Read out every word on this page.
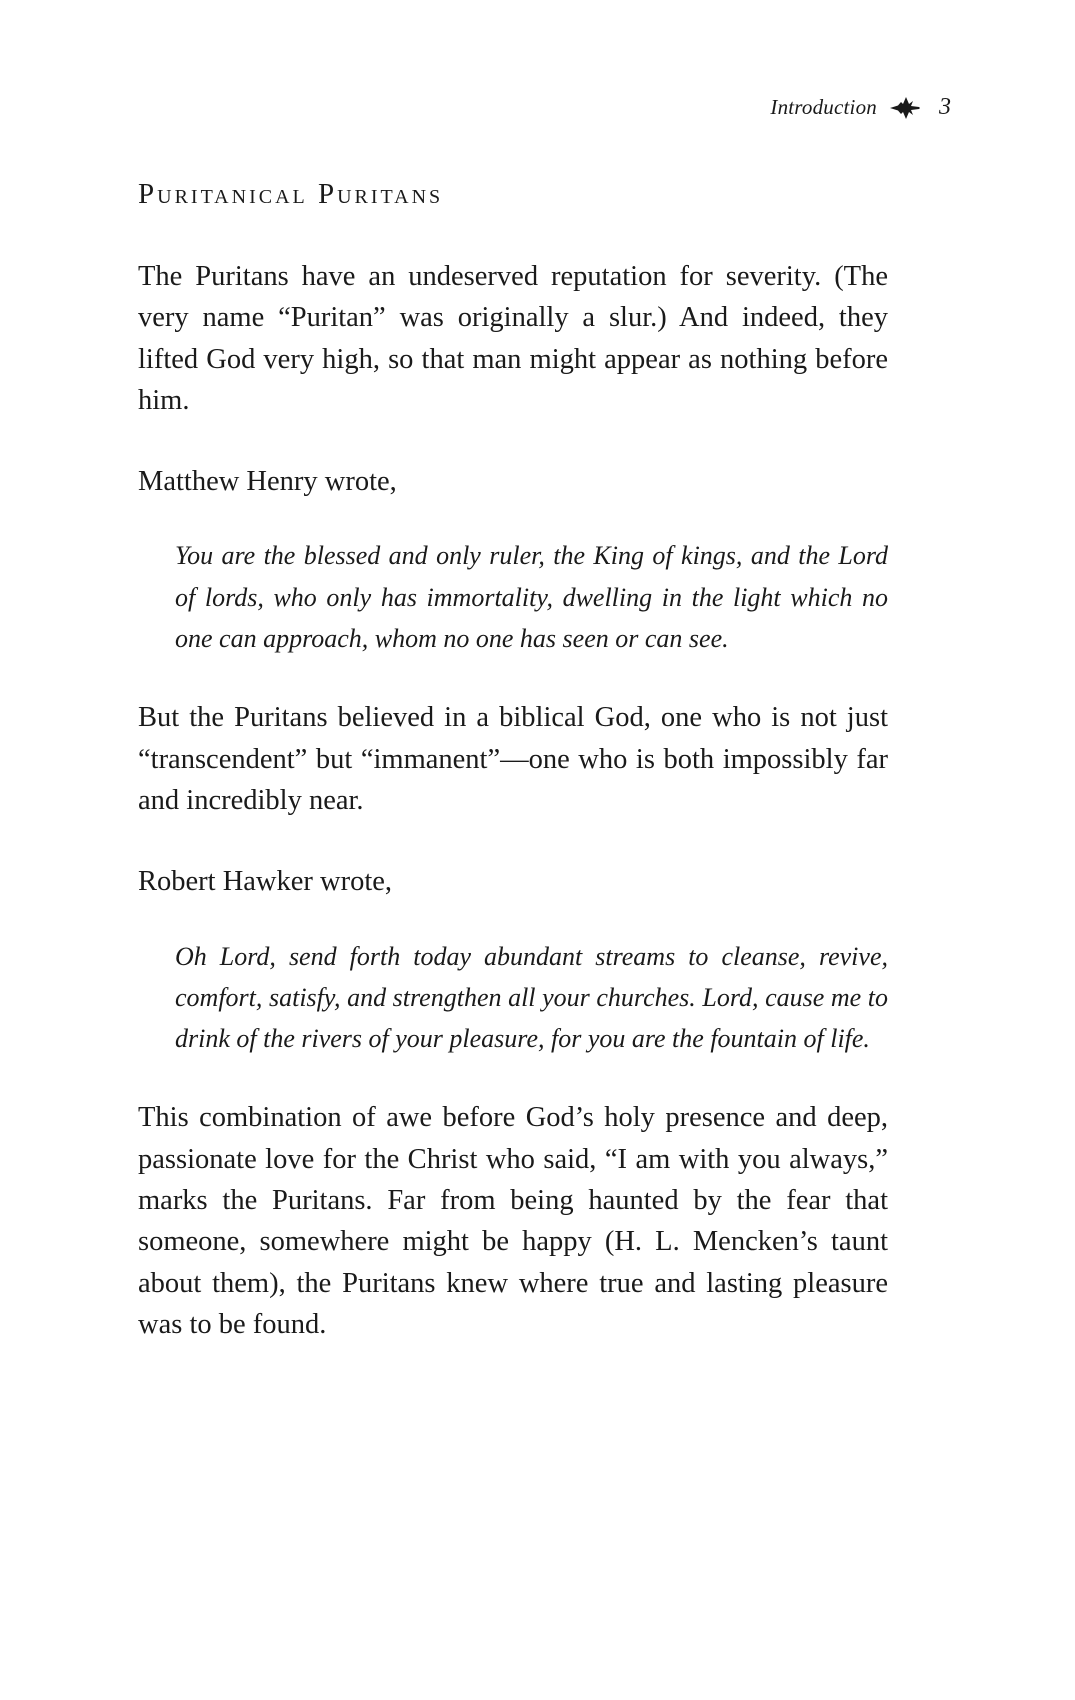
Introduction	3
Puritanical Puritans

The Puritans have an undeserved reputation for severity. (The very name “Puritan” was originally a slur.) And indeed, they lifted God very high, so that man might appear as nothing before him.

Matthew Henry wrote,

You are the blessed and only ruler, the King of kings, and the Lord of lords, who only has immortality, dwelling in the light which no one can approach, whom no one has seen or can see.

But the Puritans believed in a biblical God, one who is not just “transcendent” but “immanent”—one who is both impossibly far and incredibly near.

Robert Hawker wrote,

Oh Lord, send forth today abundant streams to cleanse, revive, comfort, satisfy, and strengthen all your churches. Lord, cause me to drink of the rivers of your pleasure, for you are the fountain of life.

This combination of awe before God’s holy presence and deep, passionate love for the Christ who said, “I am with you always,” marks the Puritans. Far from being haunted by the fear that someone, somewhere might be happy (H. L. Mencken’s taunt about them), the Puritans knew where true and lasting pleasure was to be found.
